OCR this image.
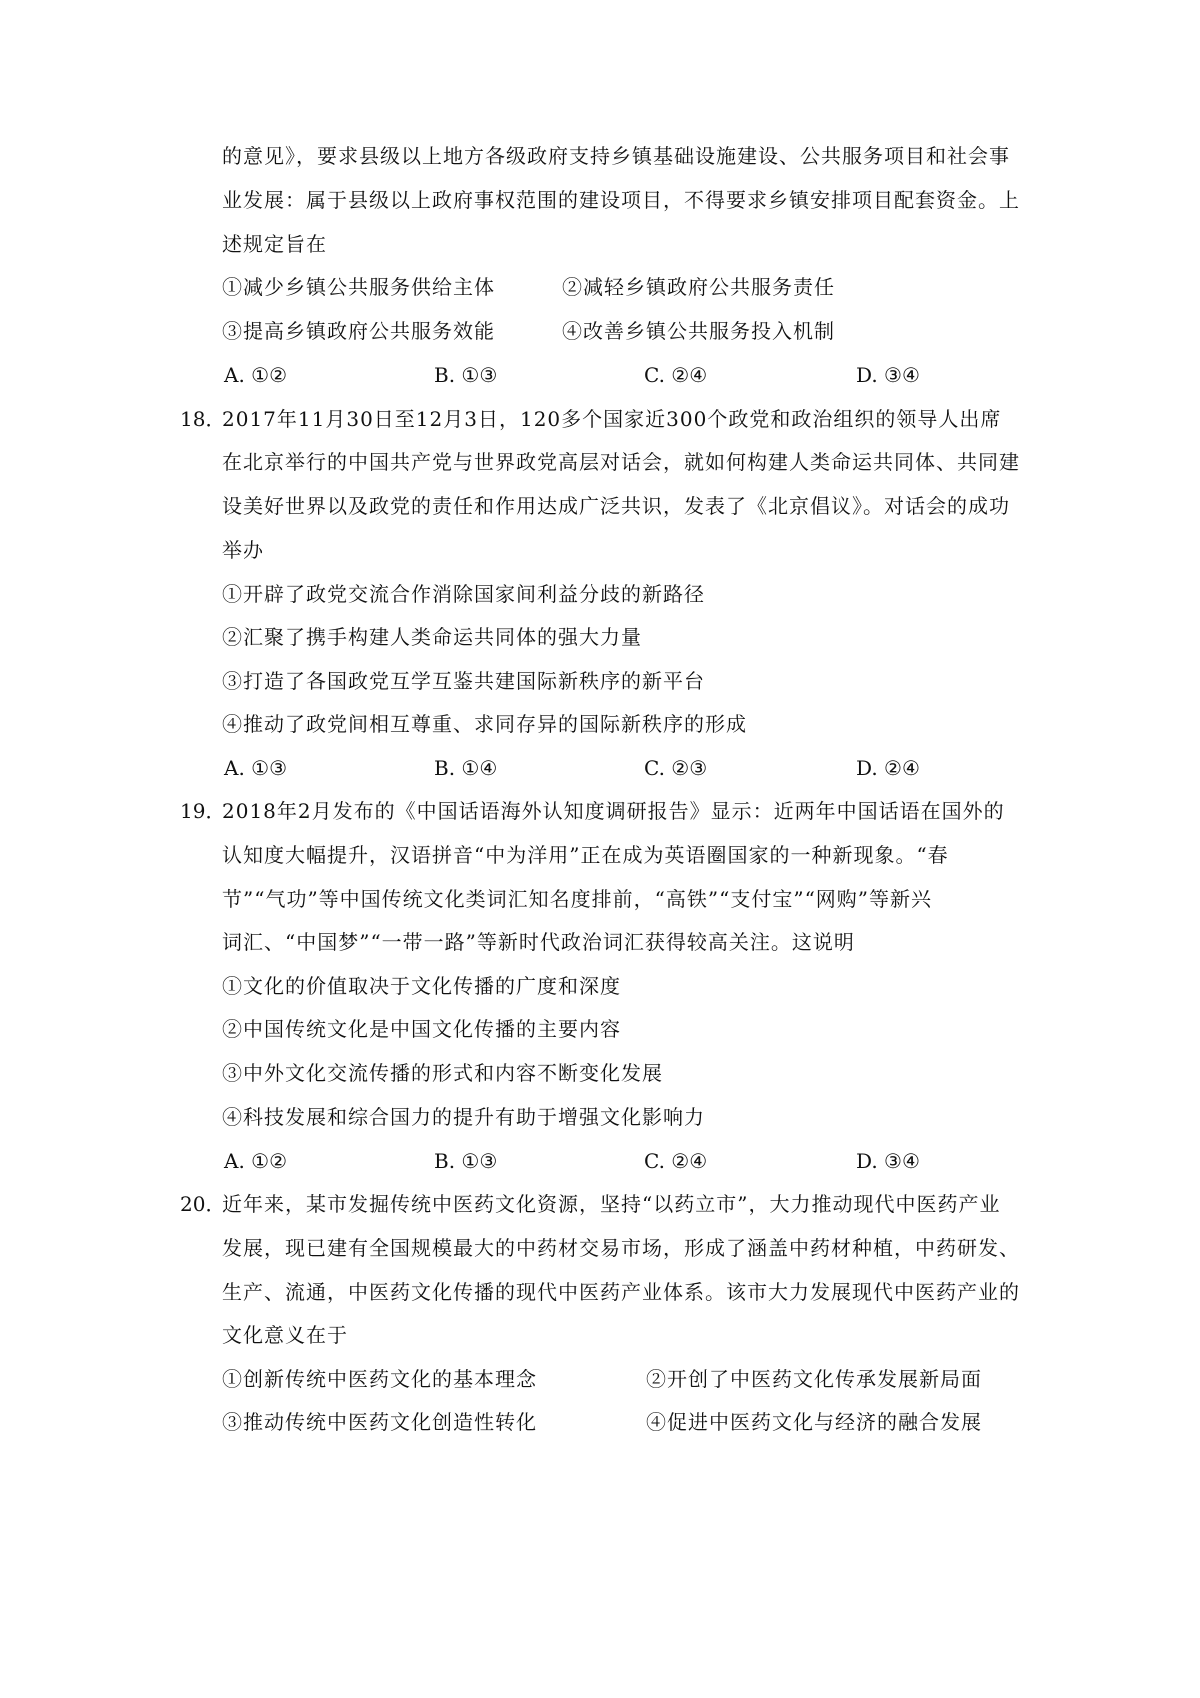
的意见》，要求县级以上地方各级政府支持乡镇基础设施建设、公共服务项目和社会事
业发展：属于县级以上政府事权范围的建设项目，不得要求乡镇安排项目配套资金。上
述规定旨在
①减少乡镇公共服务供给主体	②减轻乡镇政府公共服务责任
③提高乡镇政府公共服务效能	④改善乡镇公共服务投入机制
A. ①②	B. ①③	C. ②④	D. ③④
18．
2017年11月30日至12月3日，120多个国家近300个政党和政治组织的领导人出席
在北京举行的中国共产党与世界政党高层对话会，就如何构建人类命运共同体、共同建
设美好世界以及政党的责任和作用达成广泛共识，发表了《北京倡议》。对话会的成功
举办
①开辟了政党交流合作消除国家间利益分歧的新路径
②汇聚了携手构建人类命运共同体的强大力量
③打造了各国政党互学互鉴共建国际新秩序的新平台
④推动了政党间相互尊重、求同存异的国际新秩序的形成
A. ①③	B. ①④	C. ②③	D. ②④
19．
2018年2月发布的《中国话语海外认知度调研报告》显示：近两年中国话语在国外的
认知度大幅提升，汉语拼音“中为洋用”正在成为英语圈国家的一种新现象。“春
节”“气功”等中国传统文化类词汇知名度排前，“高铁”“支付宝”“网购”等新兴
词汇、“中国梦”“一带一路”等新时代政治词汇获得较高关注。这说明
①文化的价值取决于文化传播的广度和深度
②中国传统文化是中国文化传播的主要内容
③中外文化交流传播的形式和内容不断变化发展
④科技发展和综合国力的提升有助于增强文化影响力
A. ①②	B. ①③	C. ②④	D. ③④
20．
近年来，某市发掘传统中医药文化资源，坚持“以药立市”，大力推动现代中医药产业
发展，现已建有全国规模最大的中药材交易市场，形成了涵盖中药材种植，中药研发、
生产、流通，中医药文化传播的现代中医药产业体系。该市大力发展现代中医药产业的
文化意义在于
①创新传统中医药文化的基本理念	②开创了中医药文化传承发展新局面
③推动传统中医药文化创造性转化	④促进中医药文化与经济的融合发展
